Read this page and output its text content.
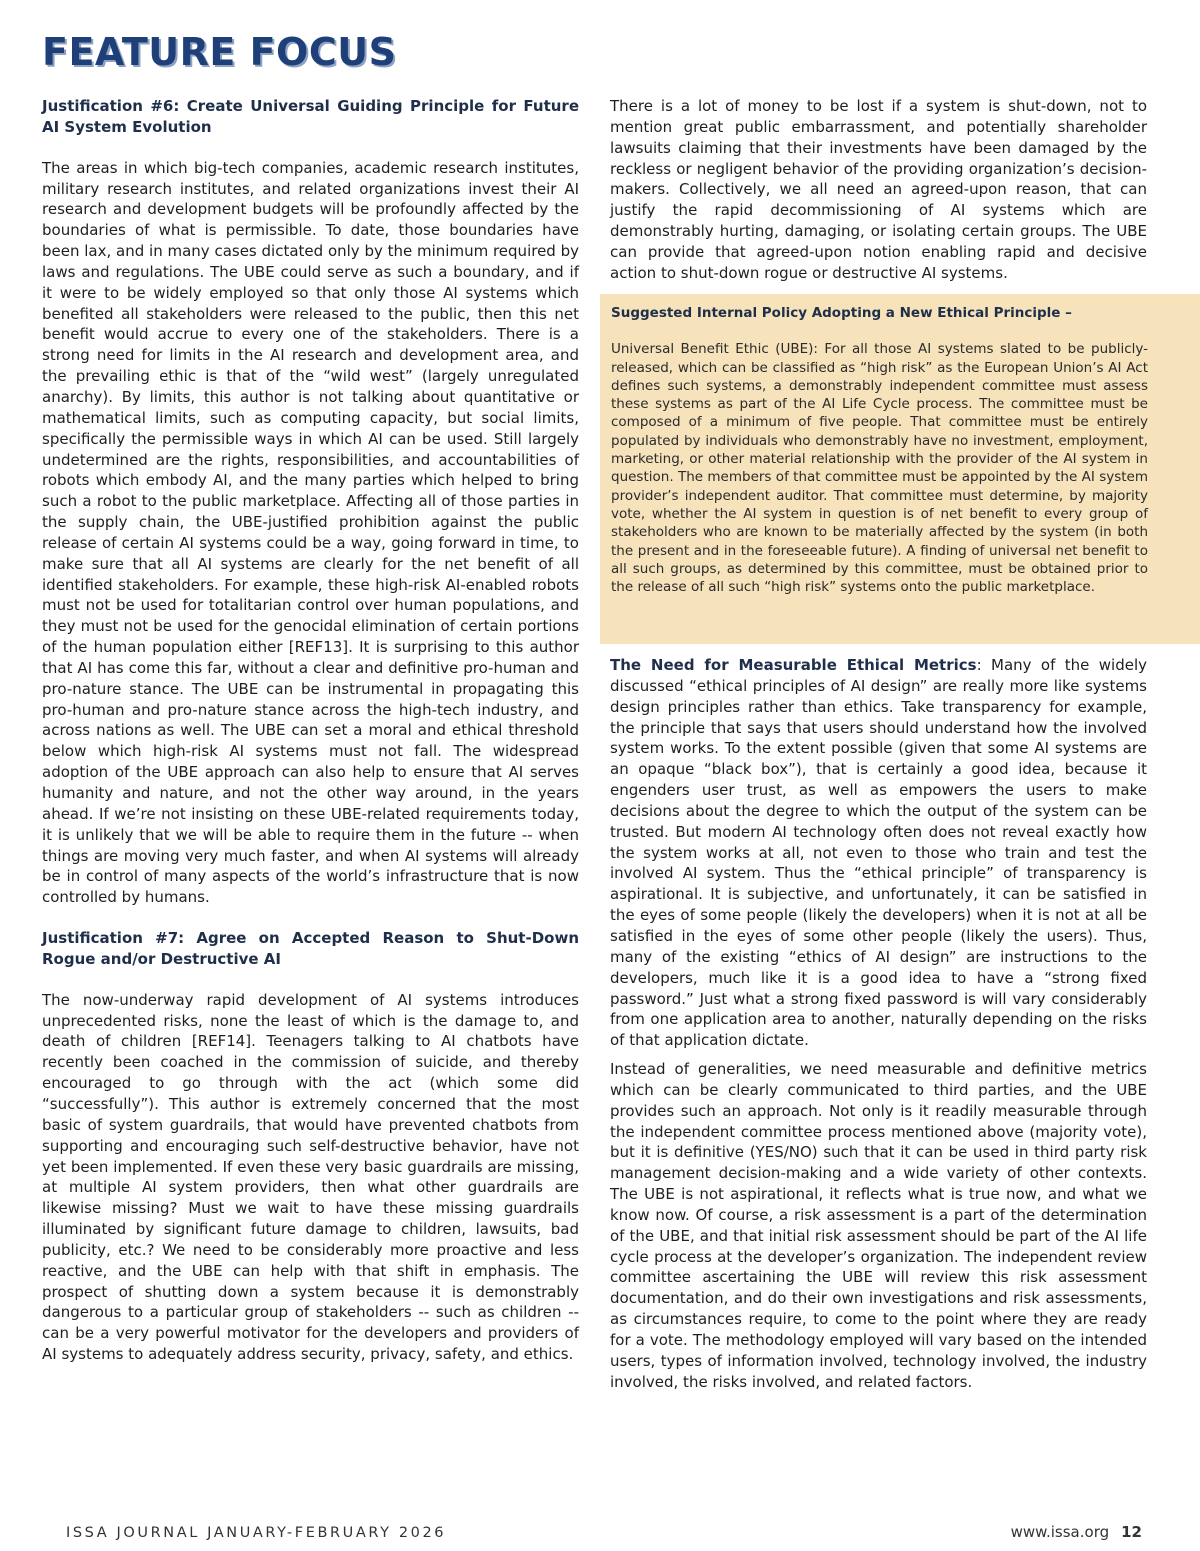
FEATURE FOCUS

Justification #6: Create Universal Guiding Principle for Future AI System Evolution

The areas in which big-tech companies, academic research institutes, military research institutes, and related organizations invest their AI research and development budgets will be profoundly affected by the boundaries of what is permissible. To date, those boundaries have been lax, and in many cases dictated only by the minimum required by laws and regulations. The UBE could serve as such a boundary, and if it were to be widely employed so that only those AI systems which benefited all stakeholders were released to the public, then this net benefit would accrue to every one of the stakeholders. There is a strong need for limits in the AI research and development area, and the prevailing ethic is that of the “wild west” (largely unregulated anarchy). By limits, this author is not talking about quantitative or mathematical limits, such as computing capacity, but social limits, specifically the permissible ways in which AI can be used. Still largely undetermined are the rights, responsibilities, and accountabilities of robots which embody AI, and the many parties which helped to bring such a robot to the public marketplace. Affecting all of those parties in the supply chain, the UBE-justified prohibition against the public release of certain AI systems could be a way, going forward in time, to make sure that all AI systems are clearly for the net benefit of all identified stakeholders. For example, these high-risk AI-enabled robots must not be used for totalitarian control over human populations, and they must not be used for the genocidal elimination of certain portions of the human population either [REF13]. It is surprising to this author that AI has come this far, without a clear and definitive pro-human and pro-nature stance. The UBE can be instrumental in propagating this pro-human and pro-nature stance across the high-tech industry, and across nations as well. The UBE can set a moral and ethical threshold below which high-risk AI systems must not fall. The widespread adoption of the UBE approach can also help to ensure that AI serves humanity and nature, and not the other way around, in the years ahead. If we’re not insisting on these UBE-related requirements today, it is unlikely that we will be able to require them in the future -- when things are moving very much faster, and when AI systems will already be in control of many aspects of the world’s infrastructure that is now controlled by humans.

Justification #7: Agree on Accepted Reason to Shut-Down Rogue and/or Destructive AI

The now-underway rapid development of AI systems introduces unprecedented risks, none the least of which is the damage to, and death of children [REF14]. Teenagers talking to AI chatbots have recently been coached in the commission of suicide, and thereby encouraged to go through with the act (which some did “successfully”). This author is extremely concerned that the most basic of system guardrails, that would have prevented chatbots from supporting and encouraging such self-destructive behavior, have not yet been implemented. If even these very basic guardrails are missing, at multiple AI system providers, then what other guardrails are likewise missing? Must we wait to have these missing guardrails illuminated by significant future damage to children, lawsuits, bad publicity, etc.? We need to be considerably more proactive and less reactive, and the UBE can help with that shift in emphasis. The prospect of shutting down a system because it is demonstrably dangerous to a particular group of stakeholders -- such as children -- can be a very powerful motivator for the developers and providers of AI systems to adequately address security, privacy, safety, and ethics.

There is a lot of money to be lost if a system is shut-down, not to mention great public embarrassment, and potentially shareholder lawsuits claiming that their investments have been damaged by the reckless or negligent behavior of the providing organization’s decision-makers. Collectively, we all need an agreed-upon reason, that can justify the rapid decommissioning of AI systems which are demonstrably hurting, damaging, or isolating certain groups. The UBE can provide that agreed-upon notion enabling rapid and decisive action to shut-down rogue or destructive AI systems.

Suggested Internal Policy Adopting a New Ethical Principle –

Universal Benefit Ethic (UBE): For all those AI systems slated to be publicly-released, which can be classified as “high risk” as the European Union’s AI Act defines such systems, a demonstrably independent committee must assess these systems as part of the AI Life Cycle process. The committee must be composed of a minimum of five people. That committee must be entirely populated by individuals who demonstrably have no investment, employment, marketing, or other material relationship with the provider of the AI system in question. The members of that committee must be appointed by the AI system provider’s independent auditor. That committee must determine, by majority vote, whether the AI system in question is of net benefit to every group of stakeholders who are known to be materially affected by the system (in both the present and in the foreseeable future). A finding of universal net benefit to all such groups, as determined by this committee, must be obtained prior to the release of all such “high risk” systems onto the public marketplace.

The Need for Measurable Ethical Metrics: Many of the widely discussed “ethical principles of AI design” are really more like systems design principles rather than ethics. Take transparency for example, the principle that says that users should understand how the involved system works. To the extent possible (given that some AI systems are an opaque “black box”), that is certainly a good idea, because it engenders user trust, as well as empowers the users to make decisions about the degree to which the output of the system can be trusted. But modern AI technology often does not reveal exactly how the system works at all, not even to those who train and test the involved AI system. Thus the “ethical principle” of transparency is aspirational. It is subjective, and unfortunately, it can be satisfied in the eyes of some people (likely the developers) when it is not at all be satisfied in the eyes of some other people (likely the users). Thus, many of the existing “ethics of AI design” are instructions to the developers, much like it is a good idea to have a “strong fixed password.” Just what a strong fixed password is will vary considerably from one application area to another, naturally depending on the risks of that application dictate.

Instead of generalities, we need measurable and definitive metrics which can be clearly communicated to third parties, and the UBE provides such an approach. Not only is it readily measurable through the independent committee process mentioned above (majority vote), but it is definitive (YES/NO) such that it can be used in third party risk management decision-making and a wide variety of other contexts. The UBE is not aspirational, it reflects what is true now, and what we know now. Of course, a risk assessment is a part of the determination of the UBE, and that initial risk assessment should be part of the AI life cycle process at the developer’s organization. The independent review committee ascertaining the UBE will review this risk assessment documentation, and do their own investigations and risk assessments, as circumstances require, to come to the point where they are ready for a vote. The methodology employed will vary based on the intended users, types of information involved, technology involved, the industry involved, the risks involved, and related factors.

ISSA JOURNAL JANUARY-FEBRUARY 2026	www.issa.org 12
